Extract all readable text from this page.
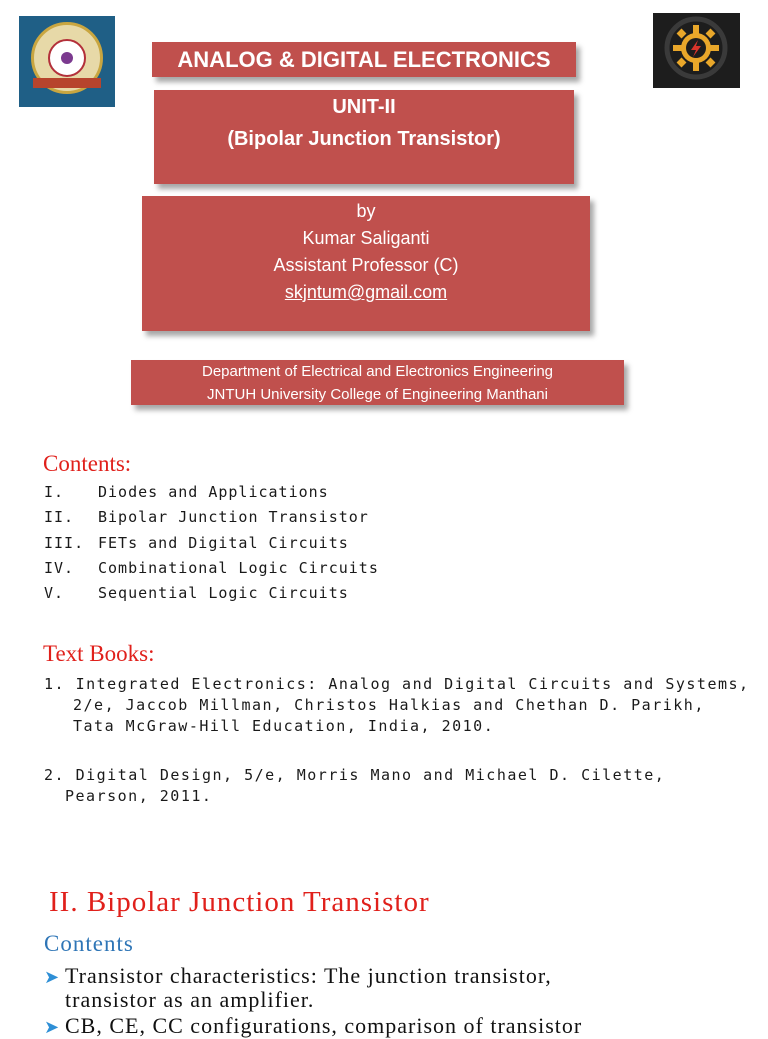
ANALOG & DIGITAL ELECTRONICS
UNIT-II
(Bipolar Junction Transistor)
by
Kumar Saliganti
Assistant Professor (C)
skjntum@gmail.com
Department of Electrical and Electronics Engineering
JNTUH University College of Engineering Manthani
Contents:
I. Diodes and Applications
II. Bipolar Junction Transistor
III. FETs and Digital Circuits
IV. Combinational Logic Circuits
V. Sequential Logic Circuits
Text Books:
1. Integrated Electronics: Analog and Digital Circuits and Systems,
2/e, Jaccob Millman, Christos Halkias and Chethan D. Parikh,
Tata McGraw-Hill Education, India, 2010.
2. Digital Design, 5/e, Morris Mano and Michael D. Cilette,
Pearson, 2011.
II. Bipolar Junction Transistor
Contents
➤ Transistor characteristics: The junction transistor,
transistor as an amplifier.
➤ CB, CE, CC configurations, comparison of transistor
